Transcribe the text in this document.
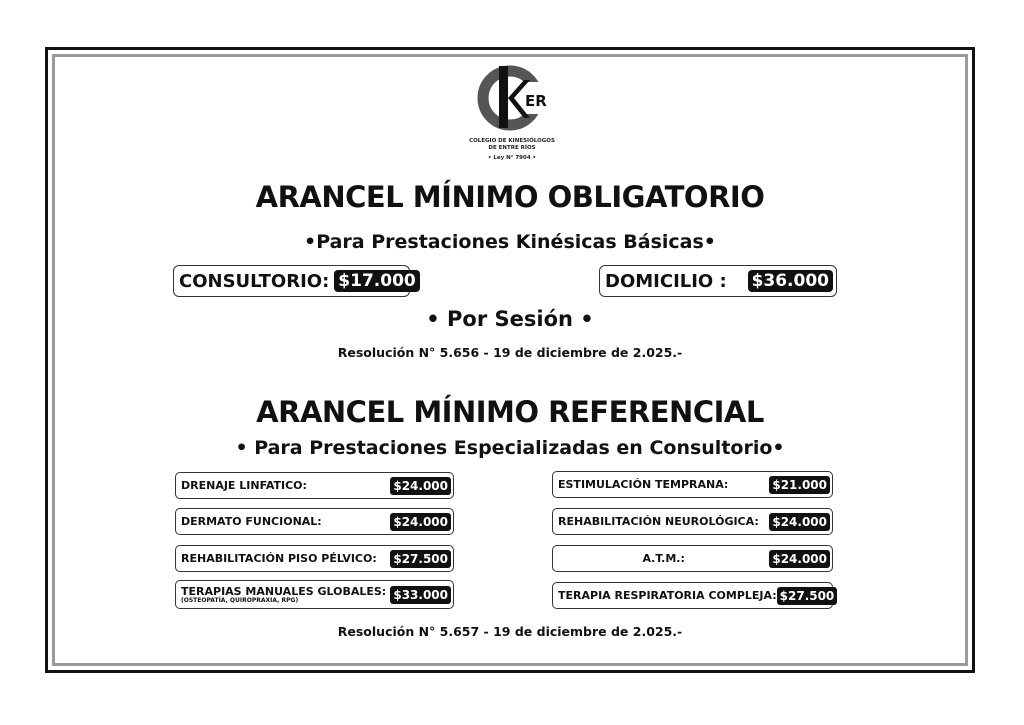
ER
COLEGIO DE KINESIÓLOGOS
DE ENTRE RÍOS
• Ley N° 7904 •
ARANCEL MÍNIMO OBLIGATORIO
•Para Prestaciones Kinésicas Básicas•
CONSULTORIO: $17.000	DOMICILIO : $36.000
• Por Sesión •
Resolución N° 5.656 - 19 de diciembre de 2.025.-
ARANCEL MÍNIMO REFERENCIAL
• Para Prestaciones Especializadas en Consultorio•
DRENAJE LINFATICO:	$24.000
DERMATO FUNCIONAL:	$24.000
REHABILITACIÓN PISO PÉLVICO: $27.500
TERAPIAS MANUALES GLOBALES:
(OSTEOPATÍA, QUIROPRAXIA, RPG)	$33.000
ESTIMULACIÓN TEMPRANA:	$21.000
REHABILITACIÓN NEUROLÓGICA: $24.000
A.T.M.:	$24.000
TERAPIA RESPIRATORIA COMPLEJA: $27.500
Resolución N° 5.657 - 19 de diciembre de 2.025.-
